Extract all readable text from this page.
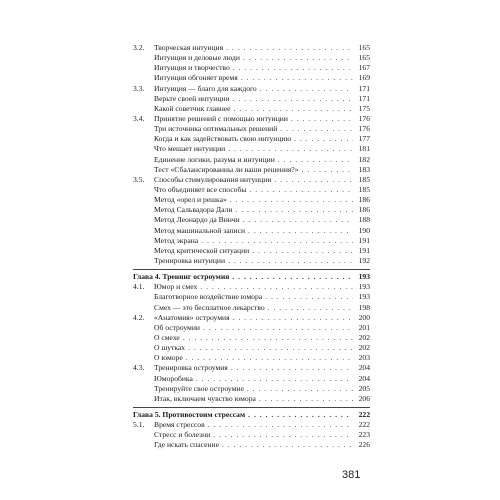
3.2.	Творческая интуиция . . .	165
Интуиция и деловые люди . . .	165
Интуиция и творчество . . .	167
Интуиция обгоняет время . . .	169
3.3.	Интуиция — благо для каждого . . .	171
Верьте своей интуиции . . .	171
Какой советчик главнее . . .	175
3.4.	Принятие решений с помощью интуиции . . .	176
Три источника оптимальных решений . . .	176
Когда и как задействовать свою интуицию . . .	177
Что мешает интуиции . . .	181
Единение логики, разума и интуиции . . .	182
Тест «Сбалансированны ли ваши решения?» . . .	183
3.5.	Способы стимулирования интуиции . . .	185
Что объединяет все способы . . .	185
Метод «орел и решка» . . .	186
Метод Сальвадора Дали . . .	186
Метод Леонардо да Винчи . . .	188
Метод машинальной записи . . .	190
Метод экрана . . .	191
Метод критической ситуации . . .	191
Тренировка интуиции . . .	192
Глава 4. Тренинг остроумия . . .	193
4.1.	Юмор и смех . . .	193
Благотворное воздействие юмора . . .	193
Смех — это бесплатное лекарство . . .	198
4.2.	«Анатомия» остроумия . . .	200
Об остроумии . . .	201
О смехе . . .	202
О шутках . . .	202
О юморе . . .	203
4.3.	Тренировка остроумия . . .	204
Юморобика . . .	204
Тренируйте свое остроумие . . .	205
Итак, включаем чувство юмора . . .	206
Глава 5. Противостоим стрессам . . .	222
5.1.	Время стрессов . . .	222
Стресс и болезни . . .	223
Где искать спасение . . .	226
381
